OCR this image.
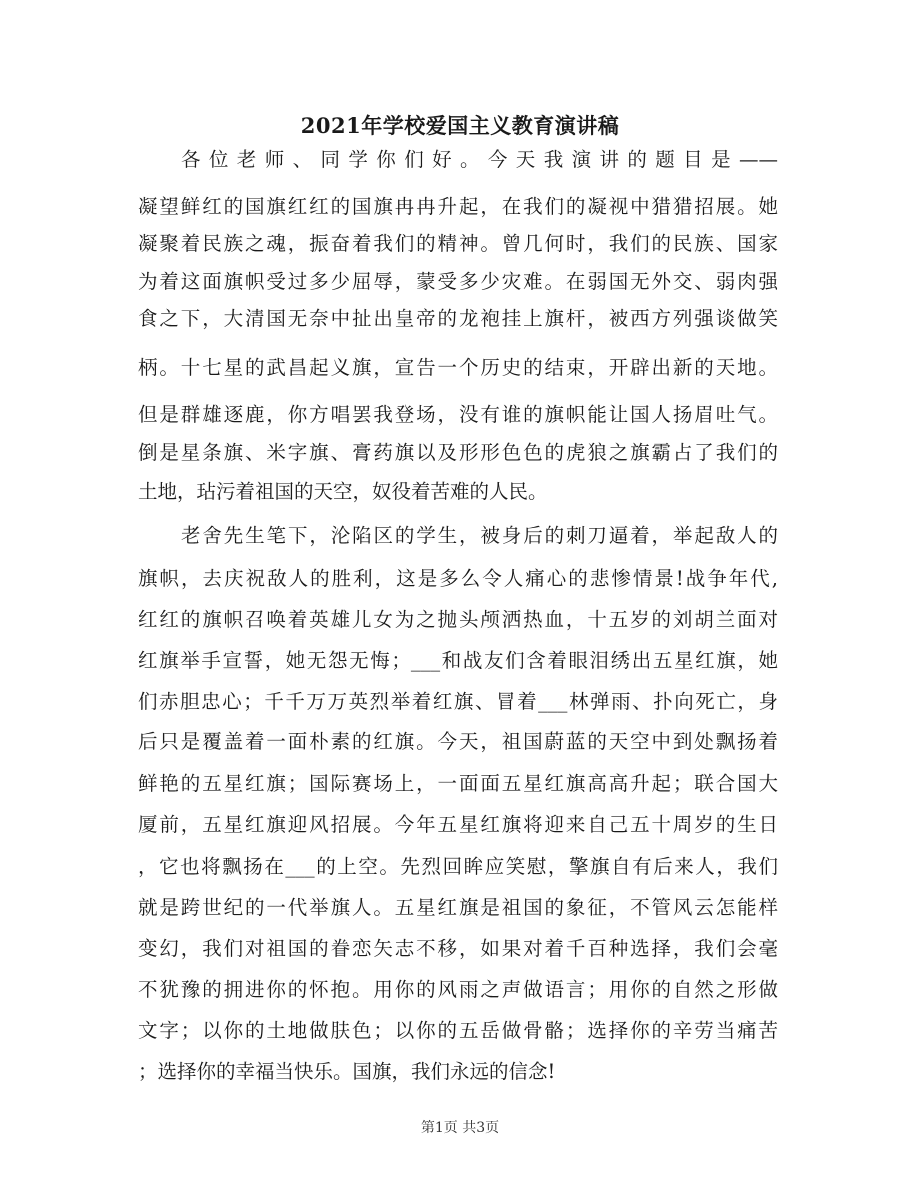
2021年学校爱国主义教育演讲稿
各位老师、同学你们好。今天我演讲的题目是——
凝望鲜红的国旗红红的国旗冉冉升起，在我们的凝视中猎猎招展。她
凝聚着民族之魂，振奋着我们的精神。曾几何时，我们的民族、国家
为着这面旗帜受过多少屈辱，蒙受多少灾难。在弱国无外交、弱肉强
食之下，大清国无奈中扯出皇帝的龙袍挂上旗杆，被西方列强谈做笑
柄。十七星的武昌起义旗，宣告一个历史的结束，开辟出新的天地。
但是群雄逐鹿，你方唱罢我登场，没有谁的旗帜能让国人扬眉吐气。
倒是星条旗、米字旗、膏药旗以及形形色色的虎狼之旗霸占了我们的
土地，玷污着祖国的天空，奴役着苦难的人民。
老舍先生笔下，沦陷区的学生，被身后的刺刀逼着，举起敌人的
旗帜，去庆祝敌人的胜利，这是多么令人痛心的悲惨情景!战争年代,
红红的旗帜召唤着英雄儿女为之抛头颅洒热血，十五岁的刘胡兰面对
红旗举手宣誓，她无怨无悔；___和战友们含着眼泪绣出五星红旗，她
们赤胆忠心；千千万万英烈举着红旗、冒着___林弹雨、扑向死亡，身
后只是覆盖着一面朴素的红旗。今天，祖国蔚蓝的天空中到处飘扬着
鲜艳的五星红旗；国际赛场上，一面面五星红旗高高升起；联合国大
厦前，五星红旗迎风招展。今年五星红旗将迎来自己五十周岁的生日
，它也将飘扬在___的上空。先烈回眸应笑慰，擎旗自有后来人，我们
就是跨世纪的一代举旗人。五星红旗是祖国的象征，不管风云怎能样
变幻，我们对祖国的眷恋矢志不移，如果对着千百种选择，我们会毫
不犹豫的拥进你的怀抱。用你的风雨之声做语言；用你的自然之形做
文字；以你的土地做肤色；以你的五岳做骨骼；选择你的辛劳当痛苦
；选择你的幸福当快乐。国旗，我们永远的信念!
第1页 共3页
